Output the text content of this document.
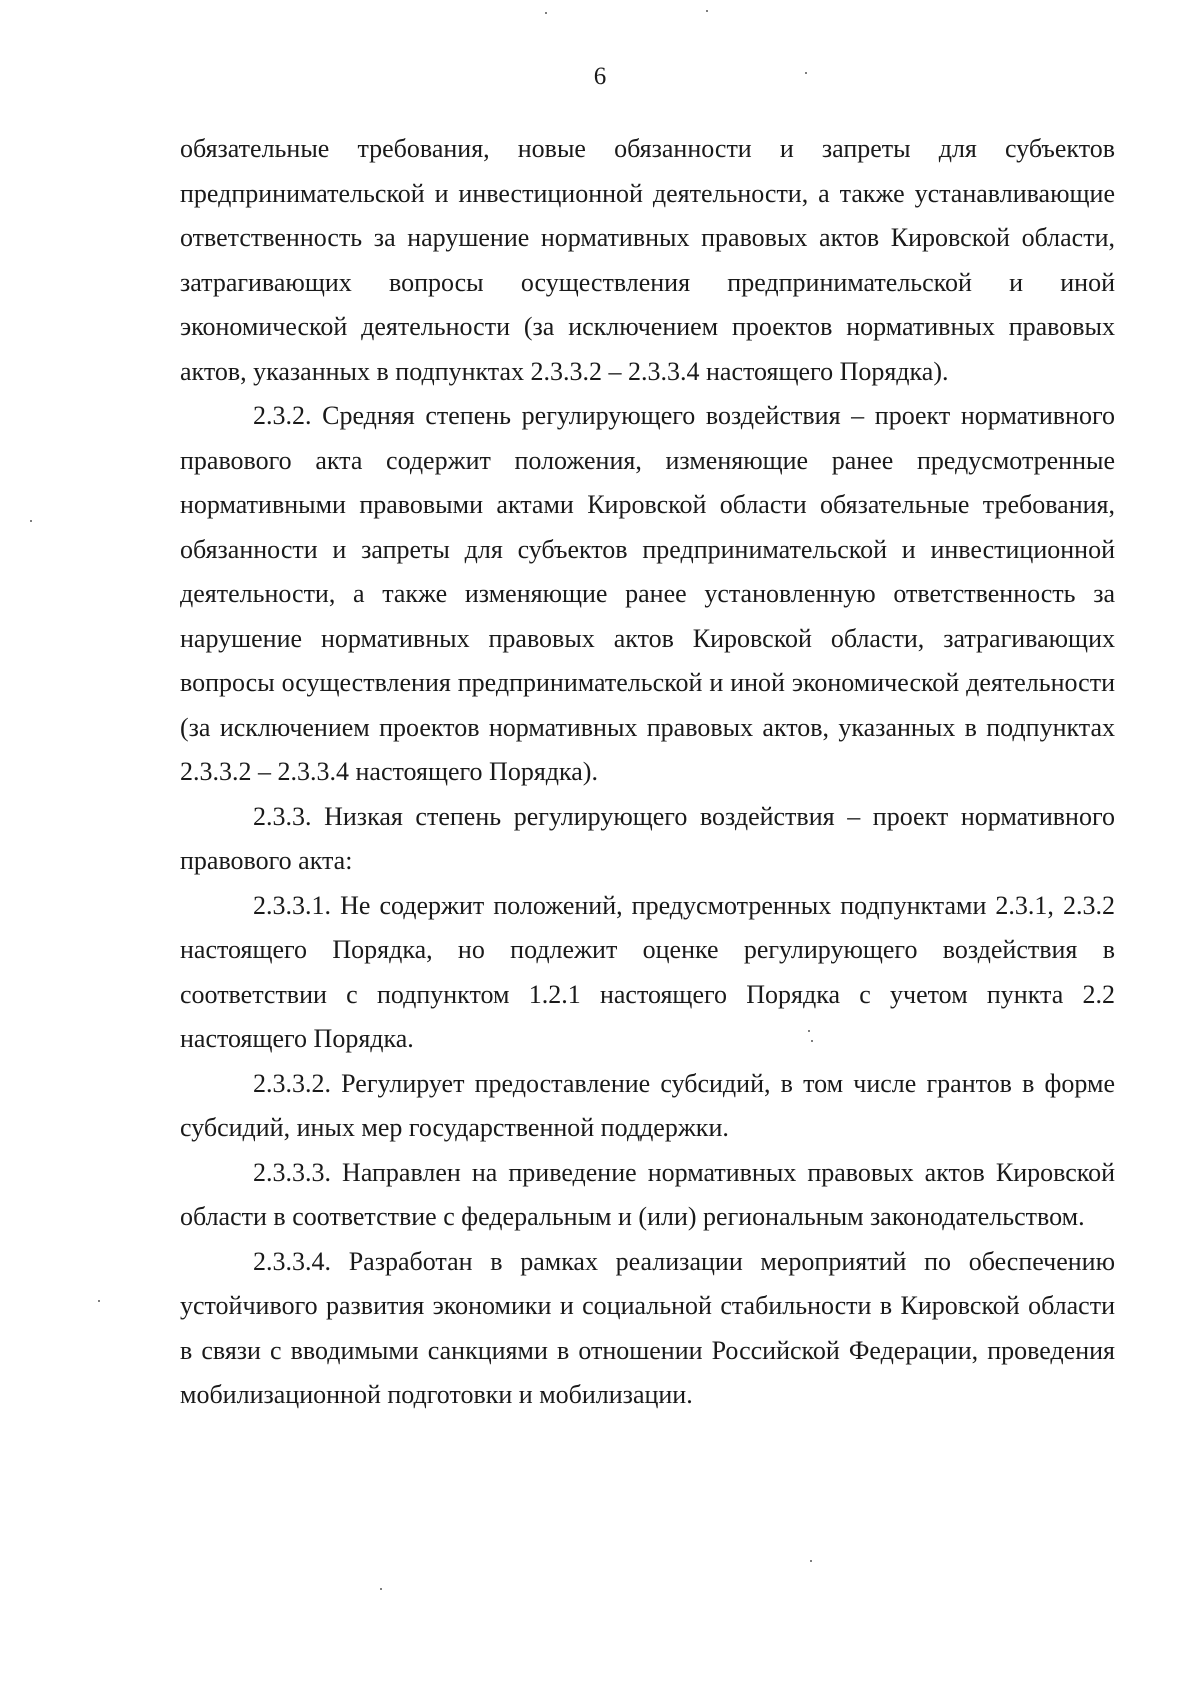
6

обязательные требования, новые обязанности и запреты для субъектов предпринимательской и инвестиционной деятельности, а также устанавливающие ответственность за нарушение нормативных правовых актов Кировской области, затрагивающих вопросы осуществления предпринимательской и иной экономической деятельности (за исключением проектов нормативных правовых актов, указанных в подпунктах 2.3.3.2 – 2.3.3.4 настоящего Порядка).

2.3.2. Средняя степень регулирующего воздействия – проект нормативного правового акта содержит положения, изменяющие ранее предусмотренные нормативными правовыми актами Кировской области обязательные требования, обязанности и запреты для субъектов предпринимательской и инвестиционной деятельности, а также изменяющие ранее установленную ответственность за нарушение нормативных правовых актов Кировской области, затрагивающих вопросы осуществления предпринимательской и иной экономической деятельности (за исключением проектов нормативных правовых актов, указанных в подпунктах 2.3.3.2 – 2.3.3.4 настоящего Порядка).

2.3.3. Низкая степень регулирующего воздействия – проект нормативного правового акта:

2.3.3.1. Не содержит положений, предусмотренных подпунктами 2.3.1, 2.3.2 настоящего Порядка, но подлежит оценке регулирующего воздействия в соответствии с подпунктом 1.2.1 настоящего Порядка с учетом пункта 2.2 настоящего Порядка.

2.3.3.2. Регулирует предоставление субсидий, в том числе грантов в форме субсидий, иных мер государственной поддержки.

2.3.3.3. Направлен на приведение нормативных правовых актов Кировской области в соответствие с федеральным и (или) региональным законодательством.

2.3.3.4. Разработан в рамках реализации мероприятий по обеспечению устойчивого развития экономики и социальной стабильности в Кировской области в связи с вводимыми санкциями в отношении Российской Федерации, проведения мобилизационной подготовки и мобилизации.
